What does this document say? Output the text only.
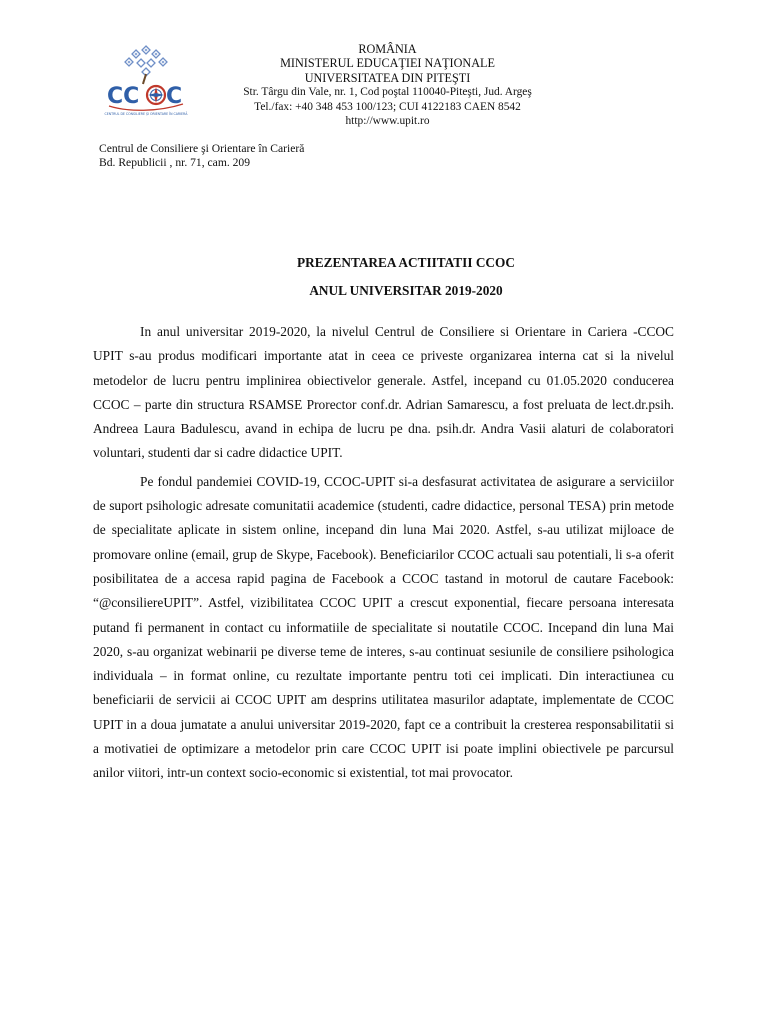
CC C
CENTRUL DE CONSILIERE ȘI ORIENTARE ÎN CARIERĂ
ROMÂNIA
MINISTERUL EDUCAŢIEI NAŢIONALE
UNIVERSITATEA DIN PITEŞTI
Str. Târgu din Vale, nr. 1, Cod poştal 110040-Piteşti, Jud. Argeş
Tel./fax: +40 348 453 100/123; CUI 4122183 CAEN 8542
http://www.upit.ro
Centrul de Consiliere şi Orientare în Carieră
Bd. Republicii , nr. 71, cam. 209
PREZENTAREA ACTIITATII CCOC
ANUL UNIVERSITAR 2019-2020

In anul universitar 2019-2020, la nivelul Centrul de Consiliere si Orientare in Cariera -CCOC UPIT s-au produs modificari importante atat in ceea ce priveste organizarea interna cat si la nivelul metodelor de lucru pentru implinirea obiectivelor generale. Astfel, incepand cu 01.05.2020 conducerea CCOC – parte din structura RSAMSE Prorector conf.dr. Adrian Samarescu, a fost preluata de lect.dr.psih. Andreea Laura Badulescu, avand in echipa de lucru pe dna. psih.dr. Andra Vasii alaturi de colaboratori voluntari, studenti dar si cadre didactice UPIT.

Pe fondul pandemiei COVID-19, CCOC-UPIT si-a desfasurat activitatea de asigurare a serviciilor de suport psihologic adresate comunitatii academice (studenti, cadre didactice, personal TESA) prin metode de specialitate aplicate in sistem online, incepand din luna Mai 2020. Astfel, s-au utilizat mijloace de promovare online (email, grup de Skype, Facebook). Beneficiarilor CCOC actuali sau potentiali, li s-a oferit posibilitatea de a accesa rapid pagina de Facebook a CCOC tastand in motorul de cautare Facebook: “@consiliereUPIT”. Astfel, vizibilitatea CCOC UPIT a crescut exponential, fiecare persoana interesata putand fi permanent in contact cu informatiile de specialitate si noutatile CCOC. Incepand din luna Mai 2020, s-au organizat webinarii pe diverse teme de interes, s-au continuat sesiunile de consiliere psihologica individuala – in format online, cu rezultate importante pentru toti cei implicati. Din interactiunea cu beneficiarii de servicii ai CCOC UPIT am desprins utilitatea masurilor adaptate, implementate de CCOC UPIT in a doua jumatate a anului universitar 2019-2020, fapt ce a contribuit la cresterea responsabilitatii si a motivatiei de optimizare a metodelor prin care CCOC UPIT isi poate implini obiectivele pe parcursul anilor viitori, intr-un context socio-economic si existential, tot mai provocator.
